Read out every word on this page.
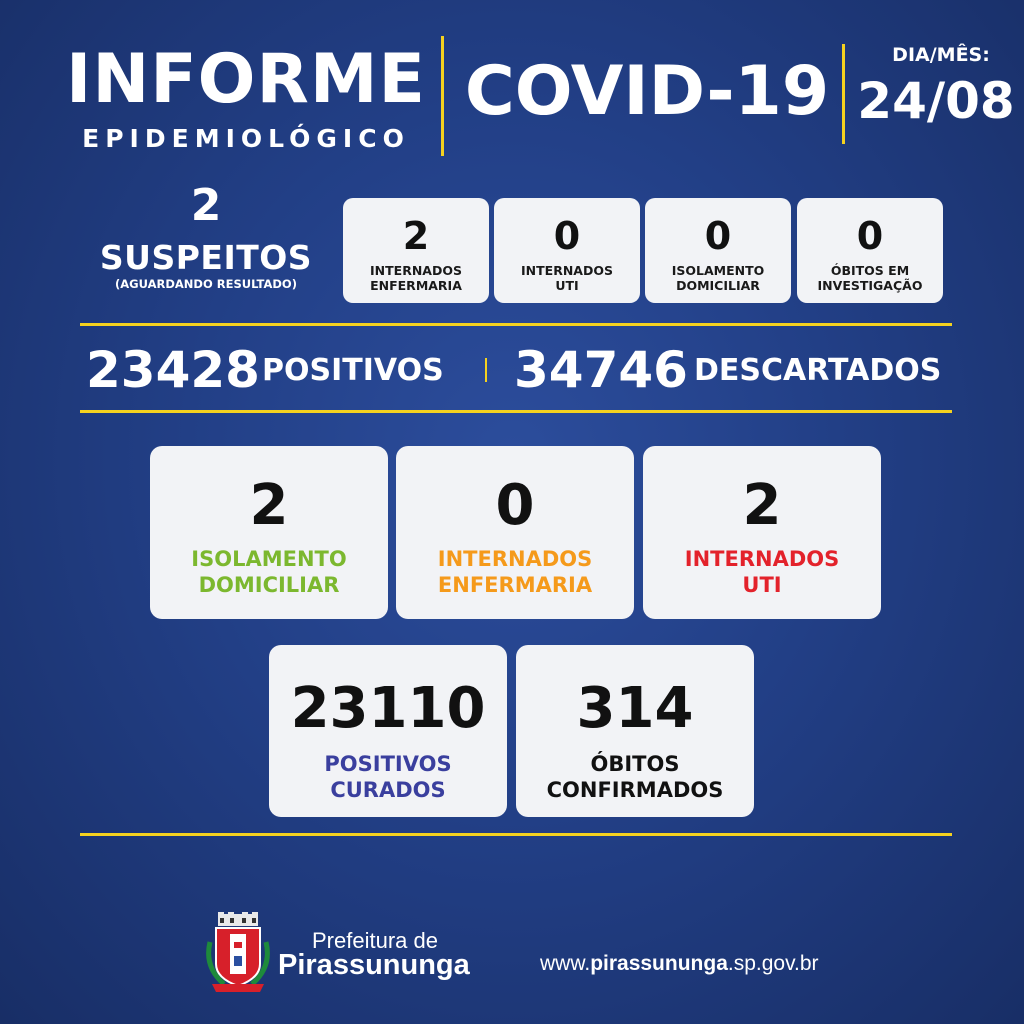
INFORME
EPIDEMIOLÓGICO
COVID-19	DIA/MÊS:
24/08
2
SUSPEITOS
(AGUARDANDO RESULTADO)
2
INTERNADOS
ENFERMARIA
0
INTERNADOS
UTI
0
ISOLAMENTO
DOMICILIAR
0
ÓBITOS EM
INVESTIGAÇÃO
23428 POSITIVOS 34746 DESCARTADOS
2
ISOLAMENTO
DOMICILIAR
0
INTERNADOS
ENFERMARIA
2
INTERNADOS
UTI
23110
POSITIVOS
CURADOS
314
ÓBITOS
CONFIRMADOS
Prefeitura de
Pirassununga	www.pirassununga.sp.gov.br
